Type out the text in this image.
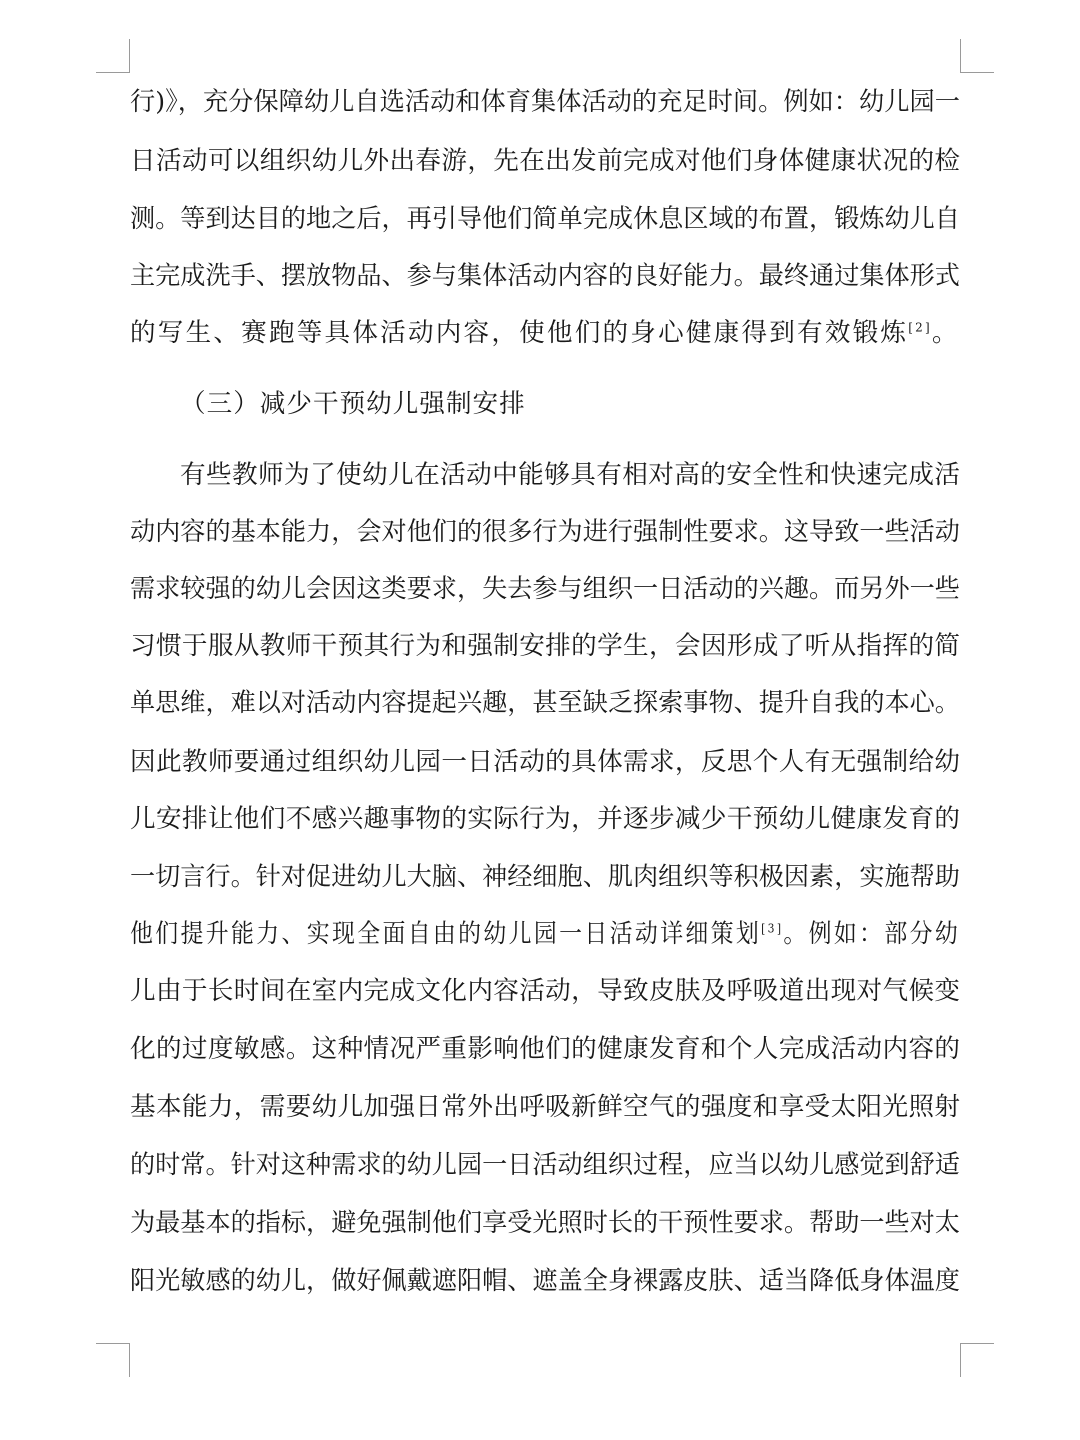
行)》，充分保障幼儿自选活动和体育集体活动的充足时间。例如：幼儿园一
日活动可以组织幼儿外出春游，先在出发前完成对他们身体健康状况的检
测。等到达目的地之后，再引导他们简单完成休息区域的布置，锻炼幼儿自
主完成洗手、摆放物品、参与集体活动内容的良好能力。最终通过集体形式
的写生、赛跑等具体活动内容，使他们的身心健康得到有效锻炼[2]。
（三）减少干预幼儿强制安排
有些教师为了使幼儿在活动中能够具有相对高的安全性和快速完成活
动内容的基本能力，会对他们的很多行为进行强制性要求。这导致一些活动
需求较强的幼儿会因这类要求，失去参与组织一日活动的兴趣。而另外一些
习惯于服从教师干预其行为和强制安排的学生，会因形成了听从指挥的简
单思维，难以对活动内容提起兴趣，甚至缺乏探索事物、提升自我的本心。
因此教师要通过组织幼儿园一日活动的具体需求，反思个人有无强制给幼
儿安排让他们不感兴趣事物的实际行为，并逐步减少干预幼儿健康发育的
一切言行。针对促进幼儿大脑、神经细胞、肌肉组织等积极因素，实施帮助
他们提升能力、实现全面自由的幼儿园一日活动详细策划[3] 。例如：部分幼
儿由于长时间在室内完成文化内容活动，导致皮肤及呼吸道出现对气候变
化的过度敏感。这种情况严重影响他们的健康发育和个人完成活动内容的
基本能力，需要幼儿加强日常外出呼吸新鲜空气的强度和享受太阳光照射
的时常。针对这种需求的幼儿园一日活动组织过程，应当以幼儿感觉到舒适
为最基本的指标，避免强制他们享受光照时长的干预性要求。帮助一些对太
阳光敏感的幼儿，做好佩戴遮阳帽、遮盖全身裸露皮肤、适当降低身体温度
